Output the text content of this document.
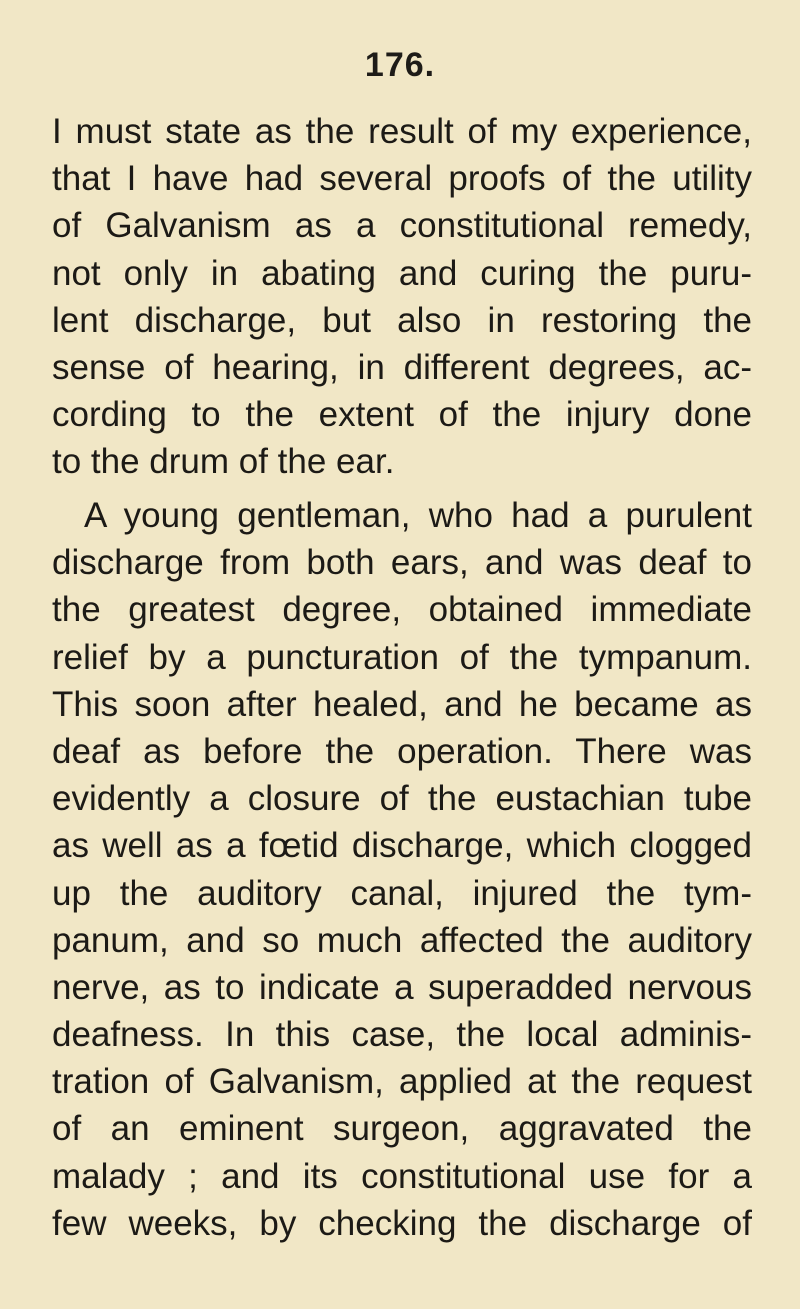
176.
I must state as the result of my experience,
that I have had several proofs of the utility
of Galvanism as a constitutional remedy,
not only in abating and curing the puru-
lent discharge, but also in restoring the
sense of hearing, in different degrees, ac-
cording to the extent of the injury done
to the drum of the ear.
A young gentleman, who had a purulent
discharge from both ears, and was deaf to
the greatest degree, obtained immediate
relief by a puncturation of the tympanum.
This soon after healed, and he became as
deaf as before the operation. There was
evidently a closure of the eustachian tube
as well as a fœtid discharge, which clogged
up the auditory canal, injured the tym-
panum, and so much affected the auditory
nerve, as to indicate a superadded nervous
deafness. In this case, the local adminis-
tration of Galvanism, applied at the request
of an eminent surgeon, aggravated the
malady ; and its constitutional use for a
few weeks, by checking the discharge of
